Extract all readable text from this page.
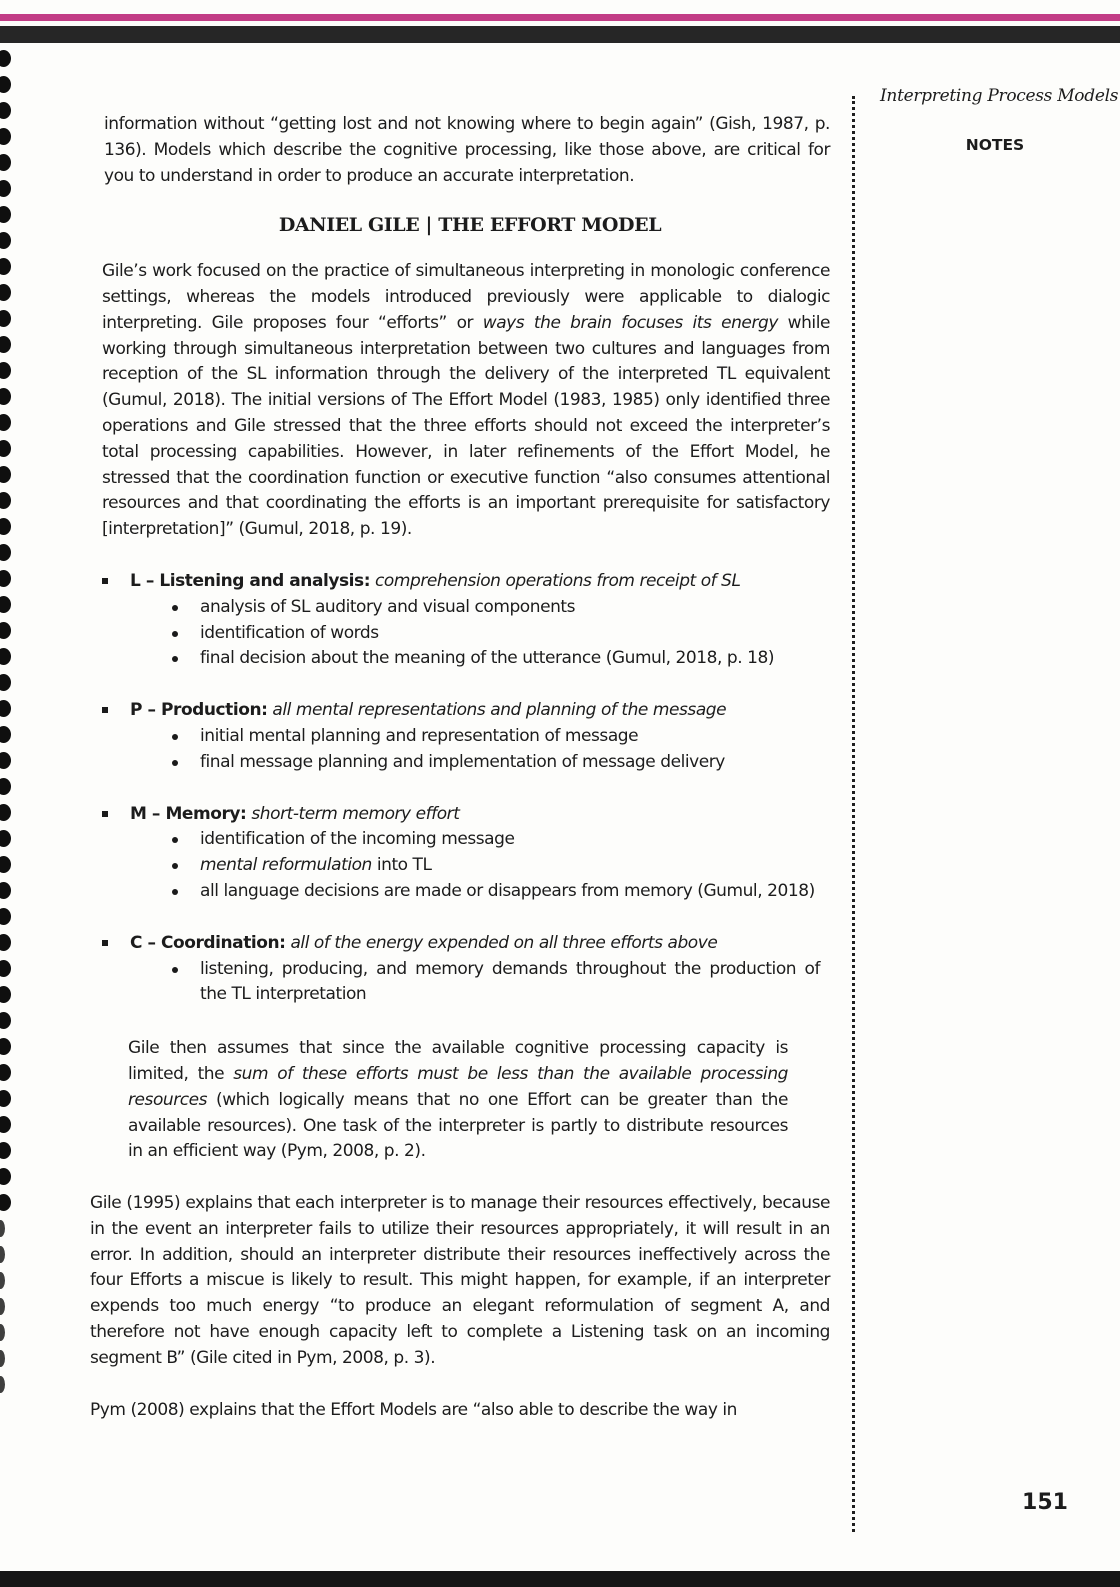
Interpreting Process Models
NOTES

information without “getting lost and not knowing where to begin again” (Gish, 1987, p. 136). Models which describe the cognitive processing, like those above, are critical for you to understand in order to produce an accurate interpretation.

DANIEL GILE | THE EFFORT MODEL

Gile’s work focused on the practice of simultaneous interpreting in monologic conference settings, whereas the models introduced previously were applicable to dialogic interpreting. Gile proposes four “efforts” or ways the brain focuses its energy while working through simultaneous interpretation between two cultures and languages from reception of the SL information through the delivery of the interpreted TL equivalent (Gumul, 2018). The initial versions of The Effort Model (1983, 1985) only identified three operations and Gile stressed that the three efforts should not exceed the interpreter’s total processing capabilities. However, in later refinements of the Effort Model, he stressed that the coordination function or executive function “also consumes attentional resources and that coordinating the efforts is an important prerequisite for satisfactory [interpretation]” (Gumul, 2018, p. 19).

L – Listening and analysis: comprehension operations from receipt of SL
analysis of SL auditory and visual components
identification of words
final decision about the meaning of the utterance (Gumul, 2018, p. 18)
P – Production: all mental representations and planning of the message
initial mental planning and representation of message
final message planning and implementation of message delivery
M – Memory: short-term memory effort
identification of the incoming message
mental reformulation into TL
all language decisions are made or disappears from memory (Gumul, 2018)
C – Coordination: all of the energy expended on all three efforts above
listening, producing, and memory demands throughout the production of the TL interpretation

Gile then assumes that since the available cognitive processing capacity is limited, the sum of these efforts must be less than the available processing resources (which logically means that no one Effort can be greater than the available resources). One task of the interpreter is partly to distribute resources in an efficient way (Pym, 2008, p. 2).

Gile (1995) explains that each interpreter is to manage their resources effectively, because in the event an interpreter fails to utilize their resources appropriately, it will result in an error. In addition, should an interpreter distribute their resources ineffectively across the four Efforts a miscue is likely to result. This might happen, for example, if an interpreter expends too much energy “to produce an elegant reformulation of segment A, and therefore not have enough capacity left to complete a Listening task on an incoming segment B” (Gile cited in Pym, 2008, p. 3).

Pym (2008) explains that the Effort Models are “also able to describe the way in

151
